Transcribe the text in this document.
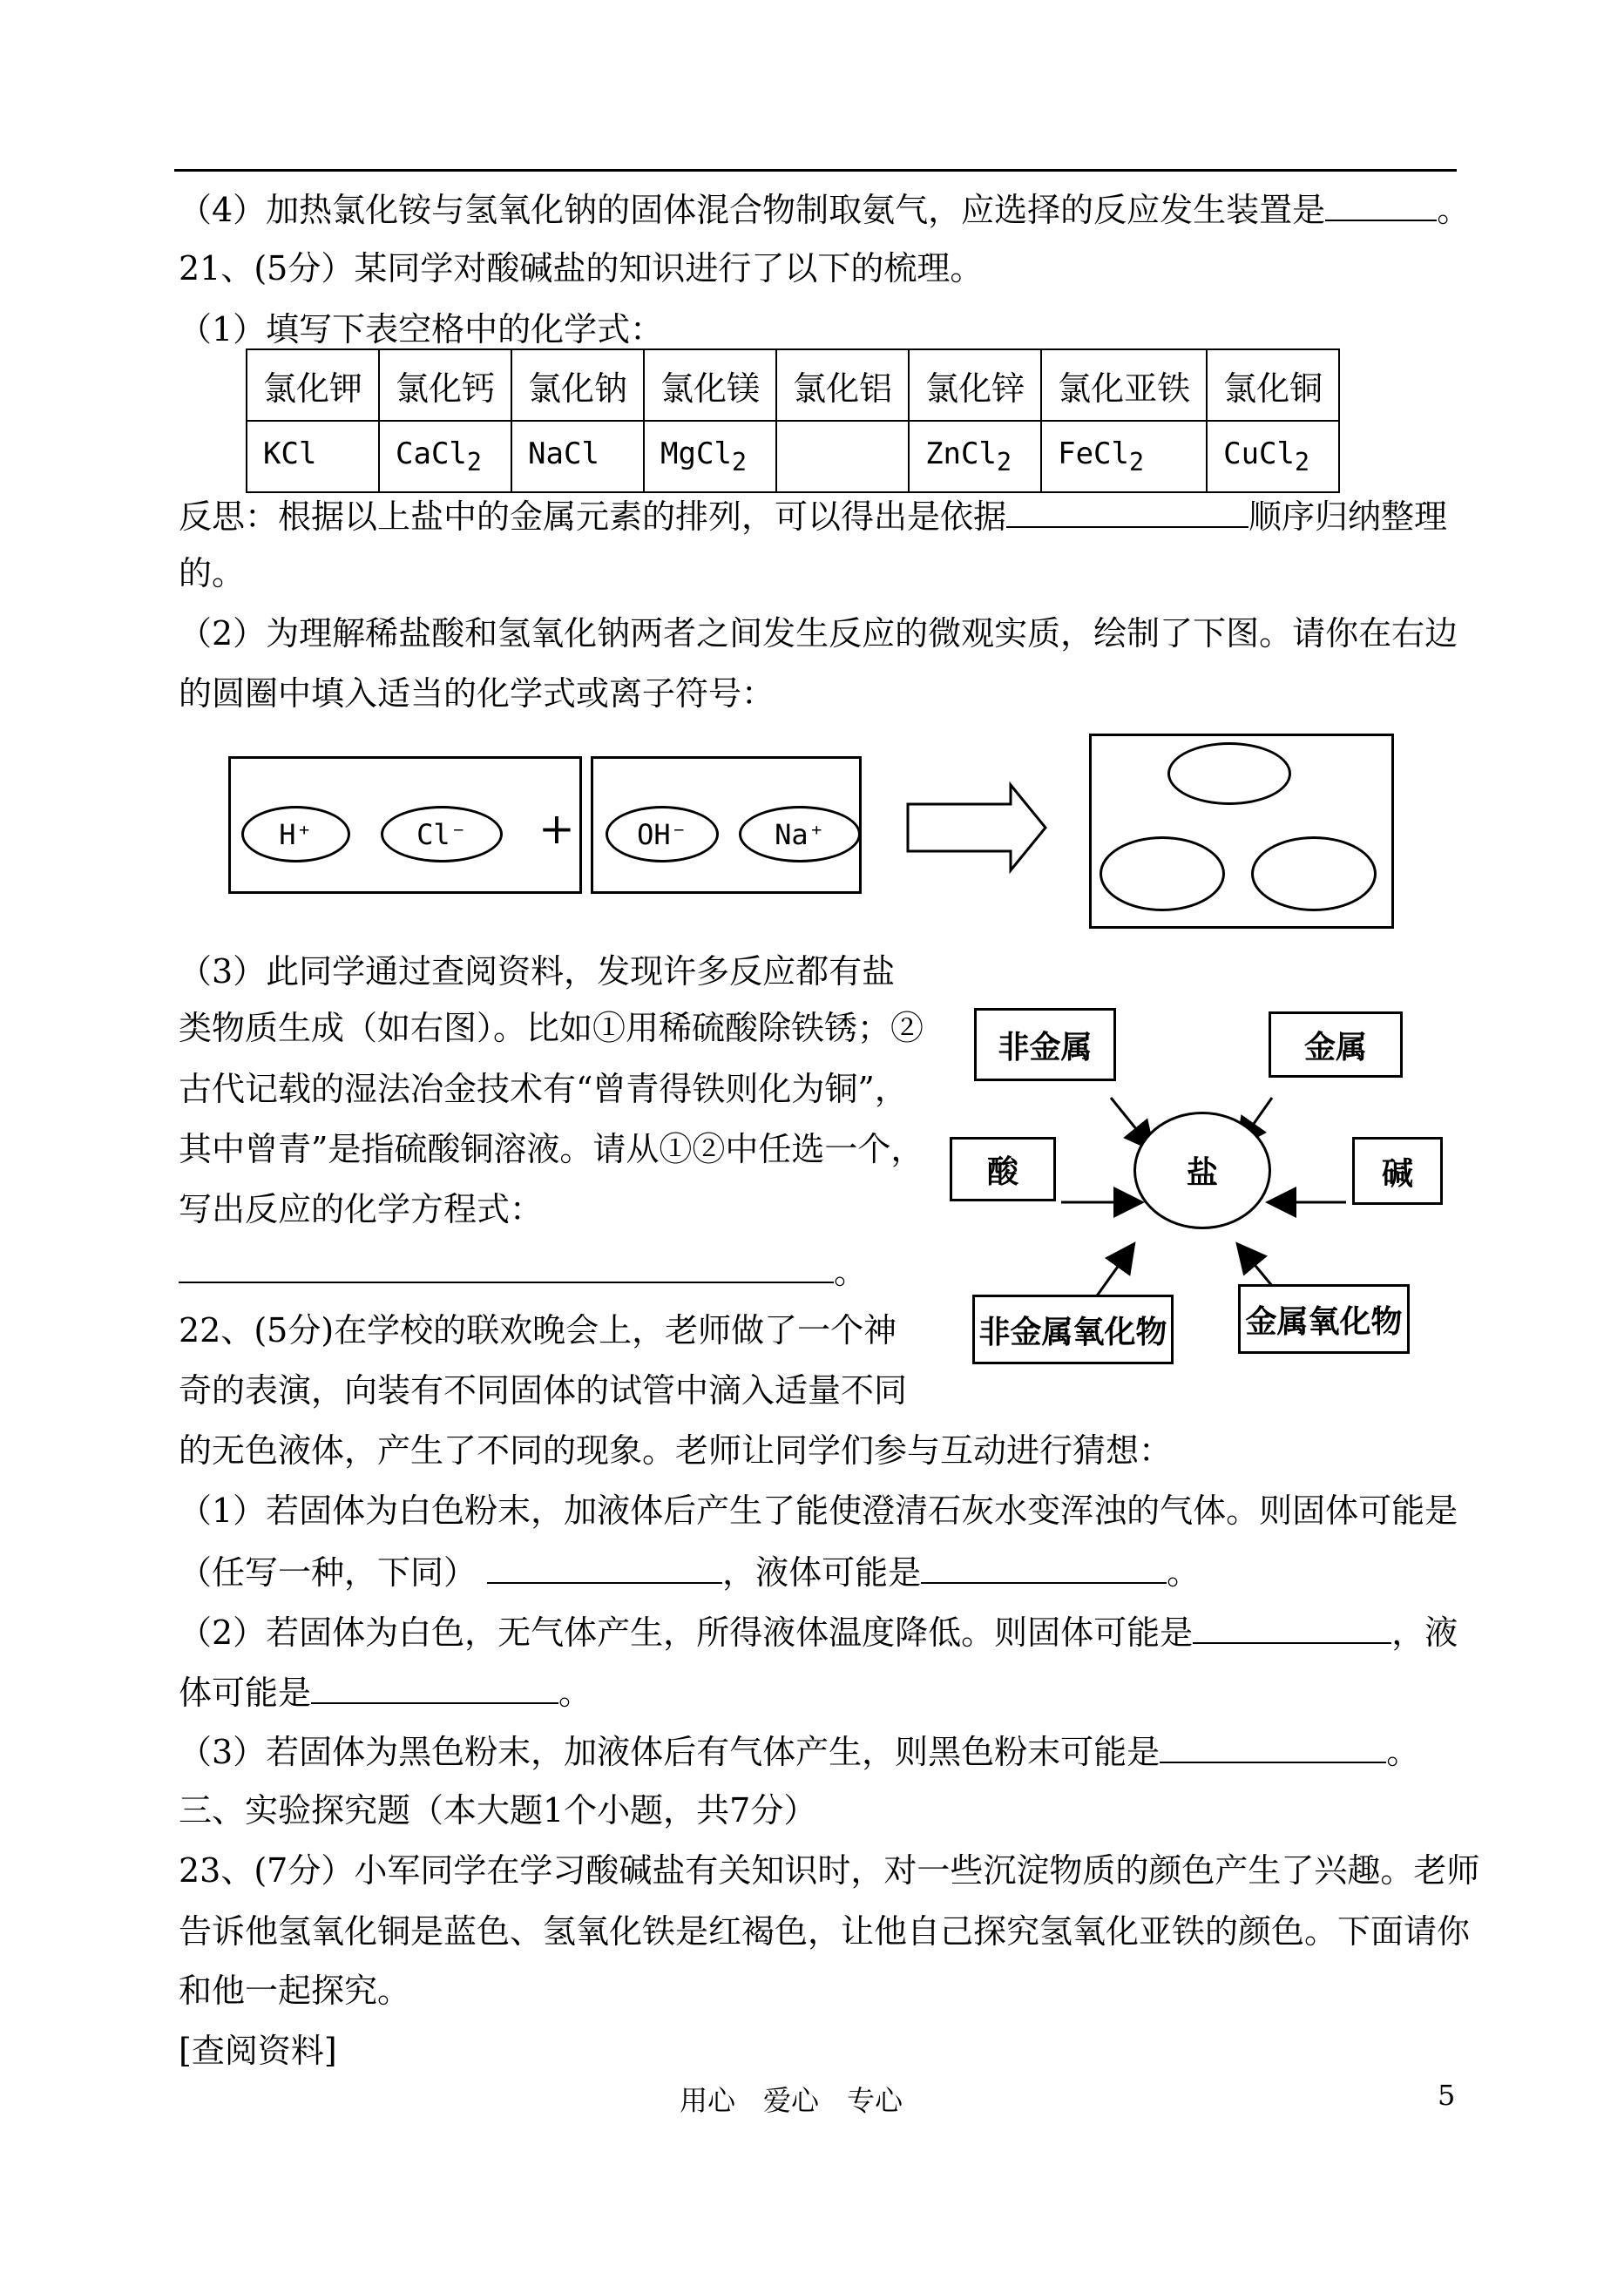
（4）加热氯化铵与氢氧化钠的固体混合物制取氨气，应选择的反应发生装置是	。
21、(5分）某同学对酸碱盐的知识进行了以下的梳理。
（1）填写下表空格中的化学式：
氯化钾	氯化钙	氯化钠	氯化镁	氯化铝	氯化锌	氯化亚铁	氯化铜
KCl	CaCl$_2$	NaCl	MgCl$_2$		ZnCl$_2$	FeCl$_2$	CuCl$_2$
反思：根据以上盐中的金属元素的排列，可以得出是依据	顺序归纳整理
的。
（2）为理解稀盐酸和氢氧化钠两者之间发生反应的微观实质，绘制了下图。请你在右边
的圆圈中填入适当的化学式或离子符号：
H⁺	Cl⁻	+	OH⁻	Na⁺
（3）此同学通过查阅资料，发现许多反应都有盐
类物质生成（如右图）。比如①用稀硫酸除铁锈；②
古代记载的湿法冶金技术有“曾青得铁则化为铜”，
其中曾青”是指硫酸铜溶液。请从①②中任选一个，
写出反应的化学方程式：
。
非金属	金属
酸	盐	碱
非金属氧化物 金属氧化物
22、(5分)在学校的联欢晚会上，老师做了一个神
奇的表演，向装有不同固体的试管中滴入适量不同
的无色液体，产生了不同的现象。老师让同学们参与互动进行猜想：
（1）若固体为白色粉末，加液体后产生了能使澄清石灰水变浑浊的气体。则固体可能是
（任写一种，下同）	，液体可能是	。
（2）若固体为白色，无气体产生，所得液体温度降低。则固体可能是	，液
体可能是	。
（3）若固体为黑色粉末，加液体后有气体产生，则黑色粉末可能是	。
三、实验探究题（本大题1个小题，共7分）
23、(7分）小军同学在学习酸碱盐有关知识时，对一些沉淀物质的颜色产生了兴趣。老师
告诉他氢氧化铜是蓝色、氢氧化铁是红褐色，让他自己探究氢氧化亚铁的颜色。下面请你
和他一起探究。
[查阅资料]
用心　爱心　专心	5
